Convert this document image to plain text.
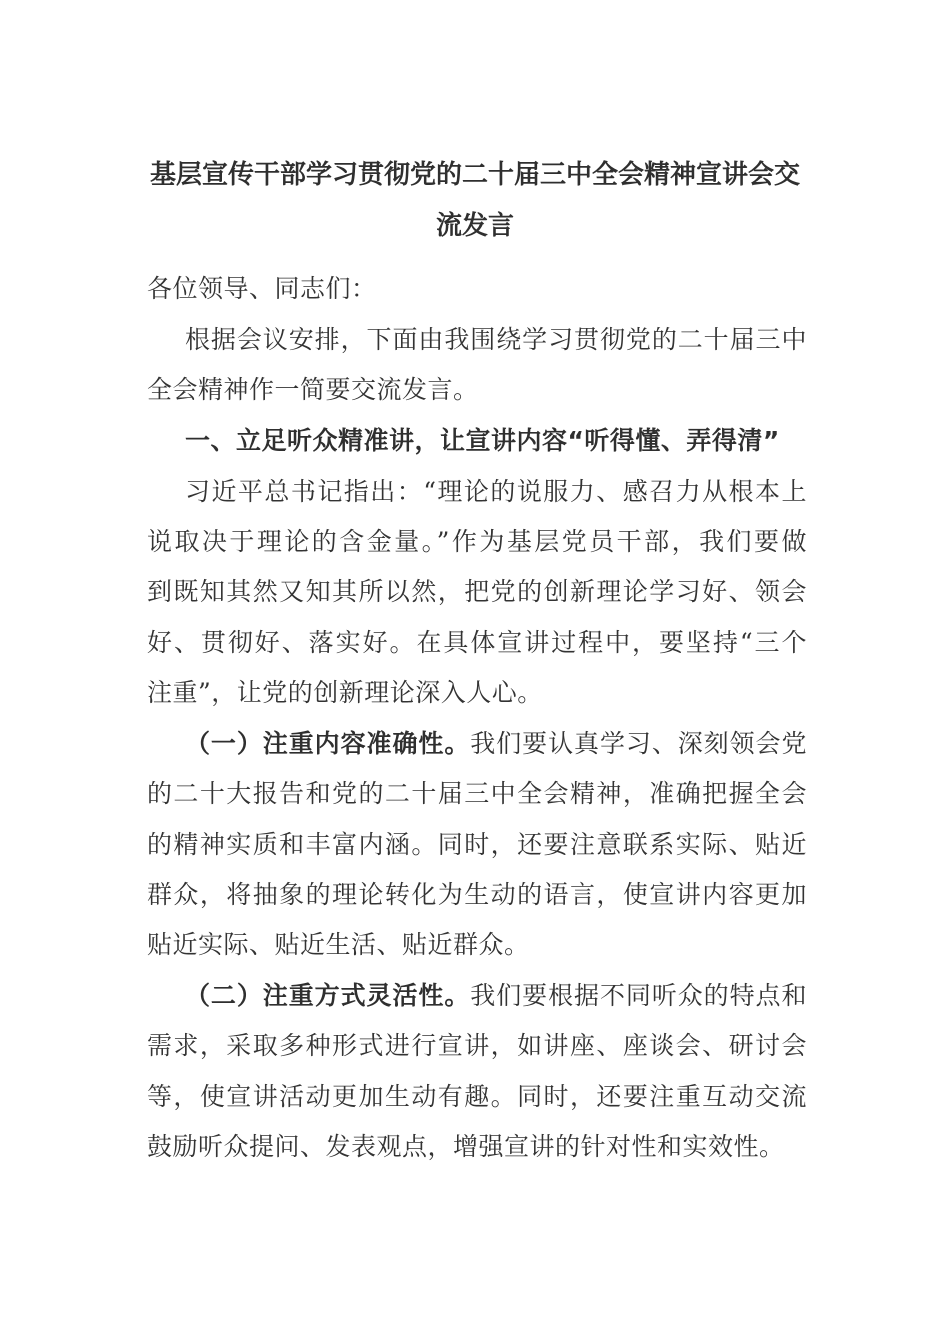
基层宣传干部学习贯彻党的二十届三中全会精神宣讲会交
流发言
各位领导、同志们：
根据会议安排，下面由我围绕学习贯彻党的二十届三中
全会精神作一简要交流发言。
一、立足听众精准讲，让宣讲内容“听得懂、弄得清”
习近平总书记指出：“理论的说服力、感召力从根本上
说取决于理论的含金量。”作为基层党员干部，我们要做
到既知其然又知其所以然，把党的创新理论学习好、领会
好、贯彻好、落实好。在具体宣讲过程中，要坚持“三个
注重”，让党的创新理论深入人心。
（一）注重内容准确性。我们要认真学习、深刻领会党
的二十大报告和党的二十届三中全会精神，准确把握全会
的精神实质和丰富内涵。同时，还要注意联系实际、贴近
群众，将抽象的理论转化为生动的语言，使宣讲内容更加
贴近实际、贴近生活、贴近群众。
（二）注重方式灵活性。我们要根据不同听众的特点和
需求，采取多种形式进行宣讲，如讲座、座谈会、研讨会
等，使宣讲活动更加生动有趣。同时，还要注重互动交流
鼓励听众提问、发表观点，增强宣讲的针对性和实效性。
